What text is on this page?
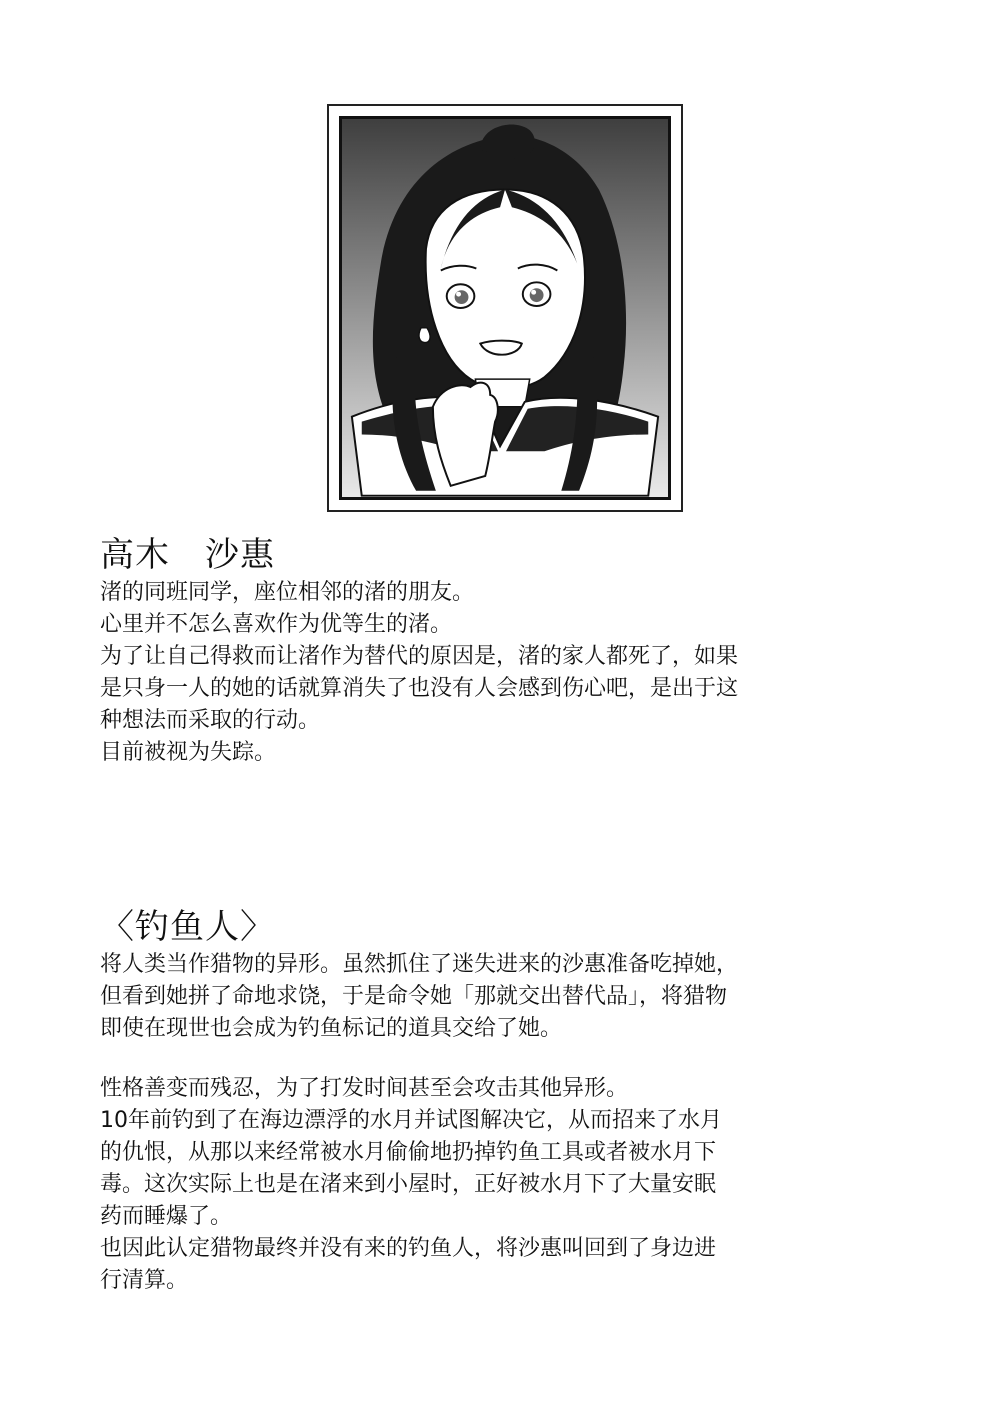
高木　沙惠

渚的同班同学，座位相邻的渚的朋友。

心里并不怎么喜欢作为优等生的渚。

为了让自己得救而让渚作为替代的原因是，渚的家人都死了，如果

是只身一人的她的话就算消失了也没有人会感到伤心吧，是出于这

种想法而采取的行动。

目前被视为失踪。

〈钓鱼人〉

将人类当作猎物的异形。虽然抓住了迷失进来的沙惠准备吃掉她，

但看到她拼了命地求饶，于是命令她「那就交出替代品」，将猎物

即使在现世也会成为钓鱼标记的道具交给了她。

性格善变而残忍，为了打发时间甚至会攻击其他异形。

10年前钓到了在海边漂浮的水月并试图解决它，从而招来了水月

的仇恨，从那以来经常被水月偷偷地扔掉钓鱼工具或者被水月下

毒。这次实际上也是在渚来到小屋时，正好被水月下了大量安眠

药而睡爆了。

也因此认定猎物最终并没有来的钓鱼人，将沙惠叫回到了身边进

行清算。
